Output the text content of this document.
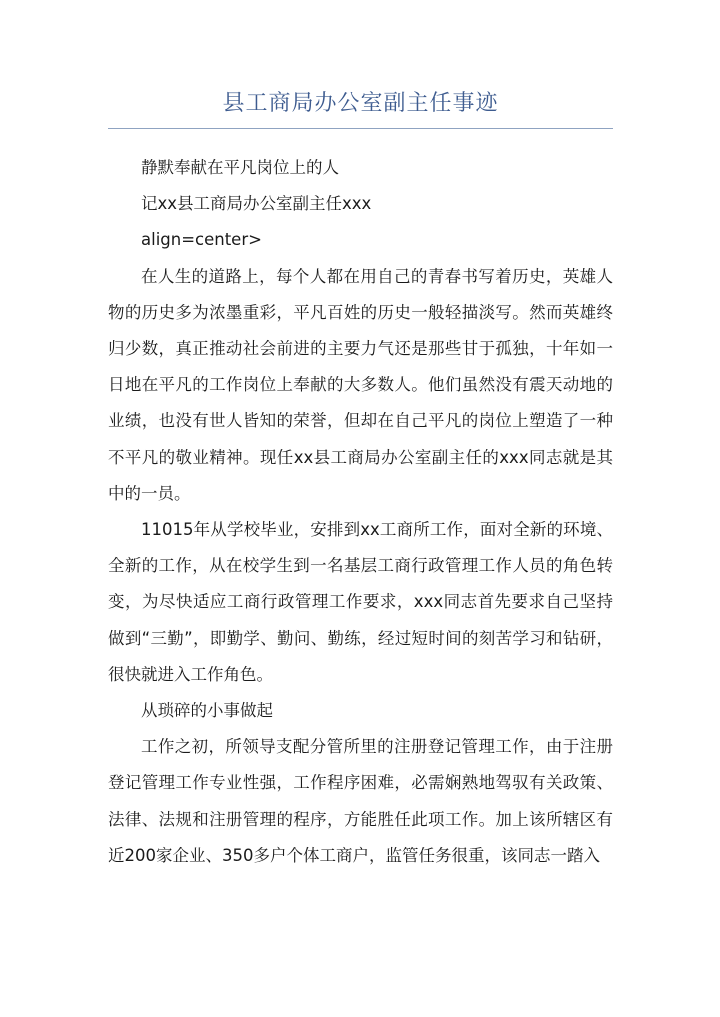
县工商局办公室副主任事迹

静默奉献在平凡岗位上的人

记xx县工商局办公室副主任xxx

align=center>

在人生的道路上，每个人都在用自己的青春书写着历史，英雄人物的历史多为浓墨重彩，平凡百姓的历史一般轻描淡写。然而英雄终归少数，真正推动社会前进的主要力气还是那些甘于孤独，十年如一日地在平凡的工作岗位上奉献的大多数人。他们虽然没有震天动地的业绩，也没有世人皆知的荣誉，但却在自己平凡的岗位上塑造了一种不平凡的敬业精神。现任xx县工商局办公室副主任的xxx同志就是其中的一员。

11015年从学校毕业，安排到xx工商所工作，面对全新的环境、全新的工作，从在校学生到一名基层工商行政管理工作人员的角色转变，为尽快适应工商行政管理工作要求，xxx同志首先要求自己坚持做到“三勤”，即勤学、勤问、勤练，经过短时间的刻苦学习和钻研，很快就进入工作角色。

从琐碎的小事做起

工作之初，所领导支配分管所里的注册登记管理工作，由于注册登记管理工作专业性强，工作程序困难，必需娴熟地驾驭有关政策、法律、法规和注册管理的程序，方能胜任此项工作。加上该所辖区有近200家企业、350多户个体工商户，监管任务很重，该同志一踏入
